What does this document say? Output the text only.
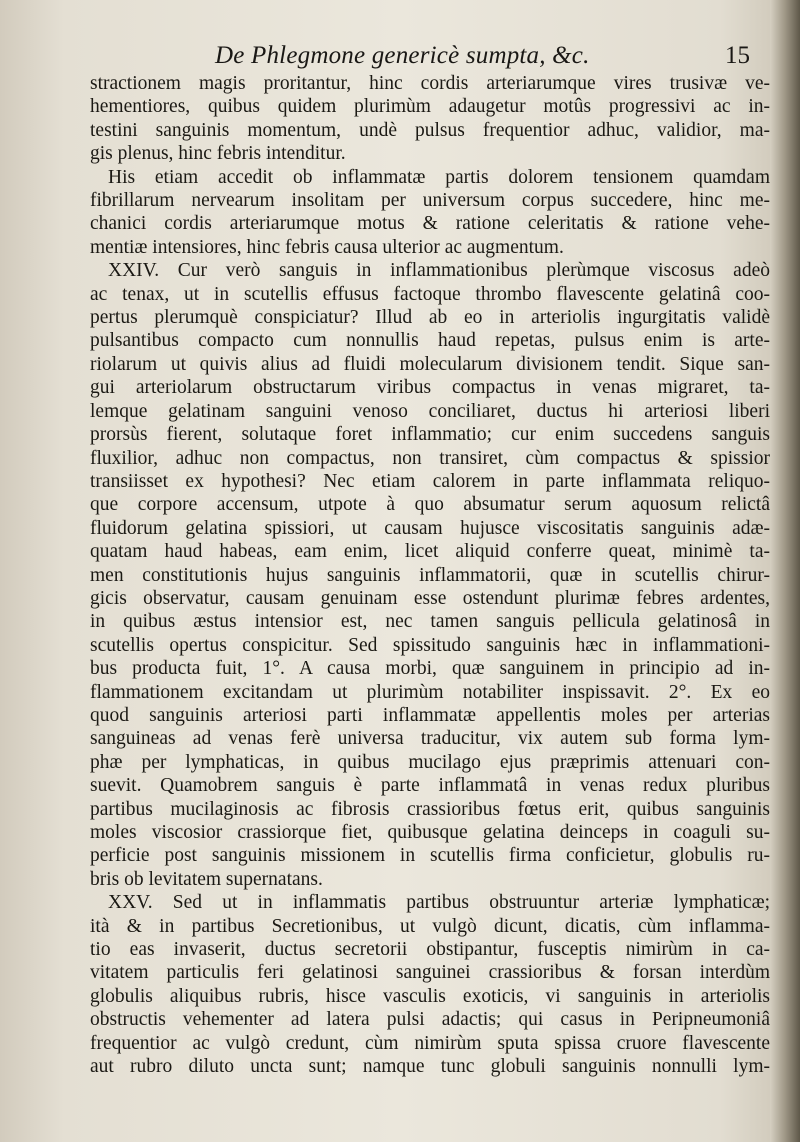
De Phlegmone genericè sumpta, &c.	15
stractionem magis proritantur, hinc cordis arteriarumque vires trusivæ ve-
hementiores, quibus quidem plurimùm adaugetur motûs progressivi ac in-
testini sanguinis momentum, undè pulsus frequentior adhuc, validior, ma-
gis plenus, hinc febris intenditur.
His etiam accedit ob inflammatæ partis dolorem tensionem quamdam
fibrillarum nervearum insolitam per universum corpus succedere, hinc me-
chanici cordis arteriarumque motus & ratione celeritatis & ratione vehe-
mentiæ intensiores, hinc febris causa ulterior ac augmentum.
XXIV. Cur verò sanguis in inflammationibus plerùmque viscosus adeò
ac tenax, ut in scutellis effusus factoque thrombo flavescente gelatinâ coo-
pertus plerumquè conspiciatur? Illud ab eo in arteriolis ingurgitatis validè
pulsantibus compacto cum nonnullis haud repetas, pulsus enim is arte-
riolarum ut quivis alius ad fluidi molecularum divisionem tendit. Sique san-
gui arteriolarum obstructarum viribus compactus in venas migraret, ta-
lemque gelatinam sanguini venoso conciliaret, ductus hi arteriosi liberi
prorsùs fierent, solutaque foret inflammatio; cur enim succedens sanguis
fluxilior, adhuc non compactus, non transiret, cùm compactus & spissior
transiisset ex hypothesi? Nec etiam calorem in parte inflammata reliquo-
que corpore accensum, utpote à quo absumatur serum aquosum relictâ
fluidorum gelatina spissiori, ut causam hujusce viscositatis sanguinis adæ-
quatam haud habeas, eam enim, licet aliquid conferre queat, minimè ta-
men constitutionis hujus sanguinis inflammatorii, quæ in scutellis chirur-
gicis observatur, causam genuinam esse ostendunt plurimæ febres ardentes,
in quibus æstus intensior est, nec tamen sanguis pellicula gelatinosâ in
scutellis opertus conspicitur. Sed spissitudo sanguinis hæc in inflammationi-
bus producta fuit, 1°. A causa morbi, quæ sanguinem in principio ad in-
flammationem excitandam ut plurimùm notabiliter inspissavit. 2°. Ex eo
quod sanguinis arteriosi parti inflammatæ appellentis moles per arterias
sanguineas ad venas ferè universa traducitur, vix autem sub forma lym-
phæ per lymphaticas, in quibus mucilago ejus præprimis attenuari con-
suevit. Quamobrem sanguis è parte inflammatâ in venas redux pluribus
partibus mucilaginosis ac fibrosis crassioribus fœtus erit, quibus sanguinis
moles viscosior crassiorque fiet, quibusque gelatina deinceps in coaguli su-
perficie post sanguinis missionem in scutellis firma conficietur, globulis ru-
bris ob levitatem supernatans.
XXV. Sed ut in inflammatis partibus obstruuntur arteriæ lymphaticæ;
ità & in partibus Secretionibus, ut vulgò dicunt, dicatis, cùm inflamma-
tio eas invaserit, ductus secretorii obstipantur, fusceptis nimirùm in ca-
vitatem particulis feri gelatinosi sanguinei crassioribus & forsan interdùm
globulis aliquibus rubris, hisce vasculis exoticis, vi sanguinis in arteriolis
obstructis vehementer ad latera pulsi adactis; qui casus in Peripneumoniâ
frequentior ac vulgò credunt, cùm nimirùm sputa spissa cruore flavescente
aut rubro diluto uncta sunt; namque tunc globuli sanguinis nonnulli lym-
